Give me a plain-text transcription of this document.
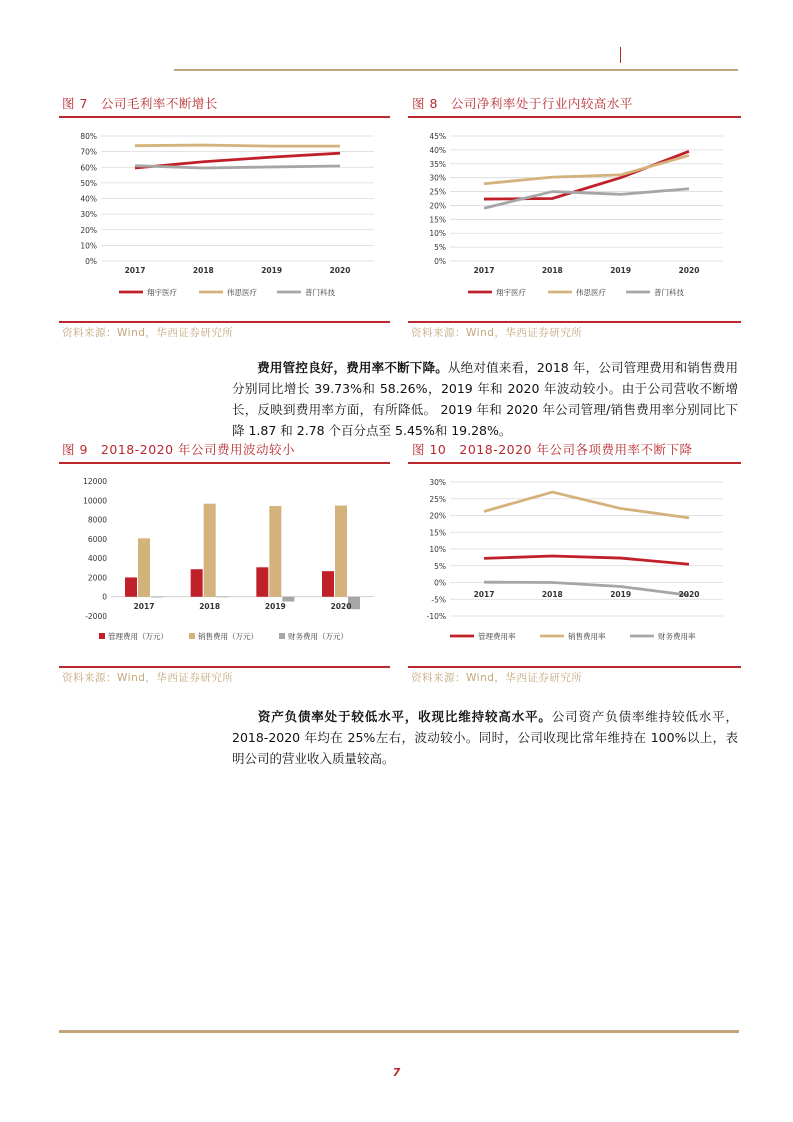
图 7　公司毛利率不断增长
0%
10%
20%
30%
40%
50%
60%
70%
80%
2017	2018	2019	2020
翔宇医疗	伟思医疗	普门科技
资料来源：Wind，华西证券研究所
图 8　公司净利率处于行业内较高水平
0%
5%
10%
15%
20%
25%
30%
35%
40%
45%
2017	2018	2019	2020
翔宇医疗	伟思医疗	普门科技
资料来源：Wind，华西证券研究所
费用管控良好，费用率不断下降。从绝对值来看，2018 年，公司管理费用和销售费用分别同比增长 39.73%和 58.26%，2019 年和 2020 年波动较小。由于公司营收不断增长，反映到费用率方面，有所降低。 2019 年和 2020 年公司管理/销售费用率分别同比下降 1.87 和 2.78 个百分点至 5.45%和 19.28%。
图 9　2018-2020 年公司费用波动较小
-2000
0
2000
4000
6000
8000
10000
12000
2017	2018	2019	2020
管理费用（万元）	销售费用（万元）	财务费用（万元）
资料来源：Wind，华西证券研究所
图 10　2018-2020 年公司各项费用率不断下降
-10%
-5%
0%
5%
10%
15%
20%
25%
30%
2017	2018	2019	2020
管理费用率	销售费用率	财务费用率
资料来源：Wind，华西证券研究所
资产负债率处于较低水平，收现比维持较高水平。公司资产负债率维持较低水平，2018-2020 年均在 25%左右，波动较小。同时，公司收现比常年维持在 100%以上，表明公司的营业收入质量较高。
7
